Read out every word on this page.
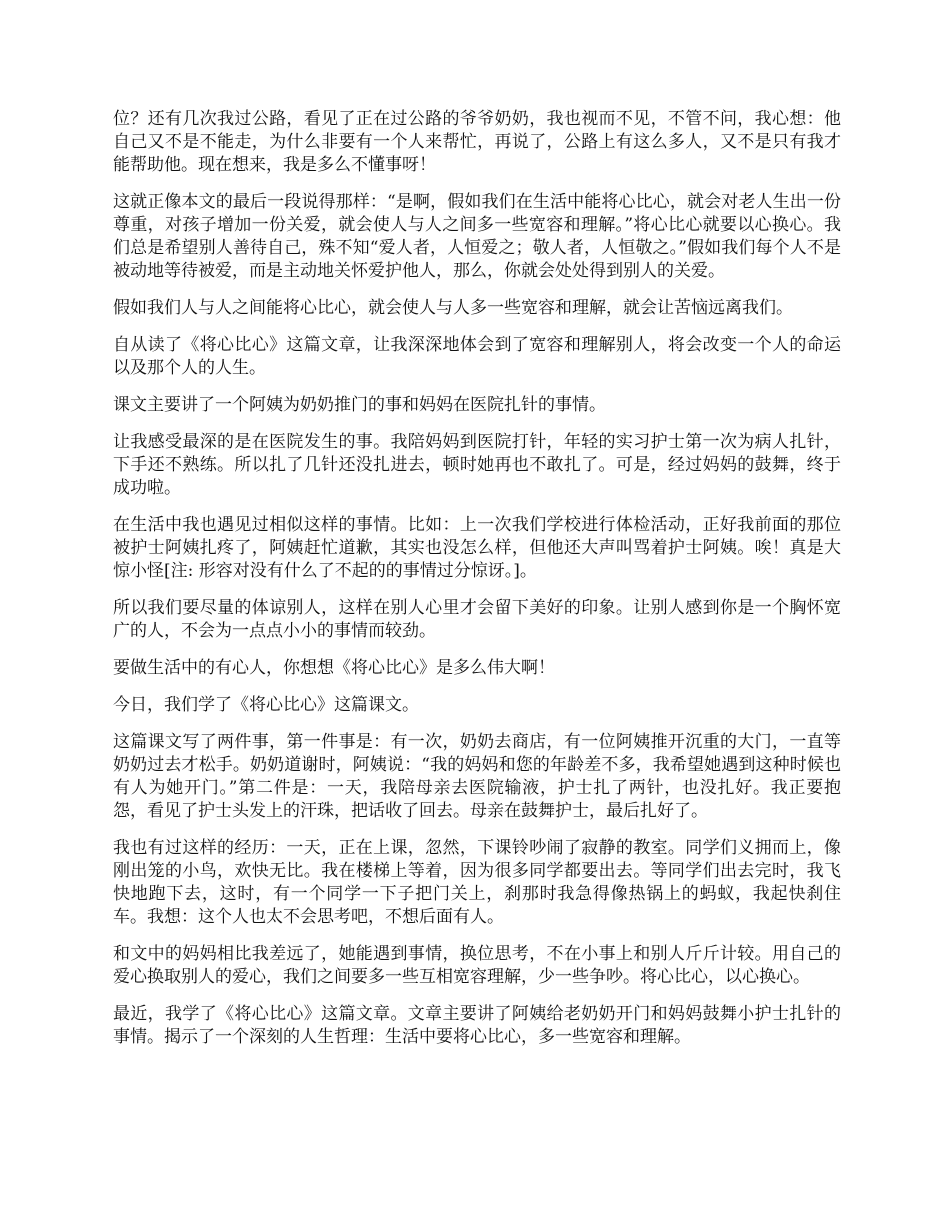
位？还有几次我过公路，看见了正在过公路的爷爷奶奶，我也视而不见，不管不问，我心想：他自己又不是不能走，为什么非要有一个人来帮忙，再说了，公路上有这么多人，又不是只有我才能帮助他。现在想来，我是多么不懂事呀！

这就正像本文的最后一段说得那样：“是啊，假如我们在生活中能将心比心，就会对老人生出一份尊重，对孩子增加一份关爱，就会使人与人之间多一些宽容和理解。”将心比心就要以心换心。我们总是希望别人善待自己，殊不知“爱人者，人恒爱之；敬人者，人恒敬之。”假如我们每个人不是被动地等待被爱，而是主动地关怀爱护他人，那么，你就会处处得到别人的关爱。

假如我们人与人之间能将心比心，就会使人与人多一些宽容和理解，就会让苦恼远离我们。

自从读了《将心比心》这篇文章，让我深深地体会到了宽容和理解别人，将会改变一个人的命运以及那个人的人生。

课文主要讲了一个阿姨为奶奶推门的事和妈妈在医院扎针的事情。

让我感受最深的是在医院发生的事。我陪妈妈到医院打针，年轻的实习护士第一次为病人扎针，下手还不熟练。所以扎了几针还没扎进去，顿时她再也不敢扎了。可是，经过妈妈的鼓舞，终于成功啦。

在生活中我也遇见过相似这样的事情。比如：上一次我们学校进行体检活动，正好我前面的那位被护士阿姨扎疼了，阿姨赶忙道歉，其实也没怎么样，但他还大声叫骂着护士阿姨。唉！真是大惊小怪[注: 形容对没有什么了不起的的事情过分惊讶。]。

所以我们要尽量的体谅别人，这样在别人心里才会留下美好的印象。让别人感到你是一个胸怀宽广的人，不会为一点点小小的事情而较劲。

要做生活中的有心人，你想想《将心比心》是多么伟大啊！

今日，我们学了《将心比心》这篇课文。

这篇课文写了两件事，第一件事是：有一次，奶奶去商店，有一位阿姨推开沉重的大门，一直等奶奶过去才松手。奶奶道谢时，阿姨说：“我的妈妈和您的年龄差不多，我希望她遇到这种时候也有人为她开门。”第二件是：一天，我陪母亲去医院输液，护士扎了两针，也没扎好。我正要抱怨，看见了护士头发上的汗珠，把话收了回去。母亲在鼓舞护士，最后扎好了。

我也有过这样的经历：一天，正在上课，忽然，下课铃吵闹了寂静的教室。同学们义拥而上，像刚出笼的小鸟，欢快无比。我在楼梯上等着，因为很多同学都要出去。等同学们出去完时，我飞快地跑下去，这时，有一个同学一下子把门关上，刹那时我急得像热锅上的蚂蚁，我起快刹住车。我想：这个人也太不会思考吧，不想后面有人。

和文中的妈妈相比我差远了，她能遇到事情，换位思考，不在小事上和别人斤斤计较。用自己的爱心换取别人的爱心，我们之间要多一些互相宽容理解，少一些争吵。将心比心，以心换心。

最近，我学了《将心比心》这篇文章。文章主要讲了阿姨给老奶奶开门和妈妈鼓舞小护士扎针的事情。揭示了一个深刻的人生哲理：生活中要将心比心，多一些宽容和理解。
